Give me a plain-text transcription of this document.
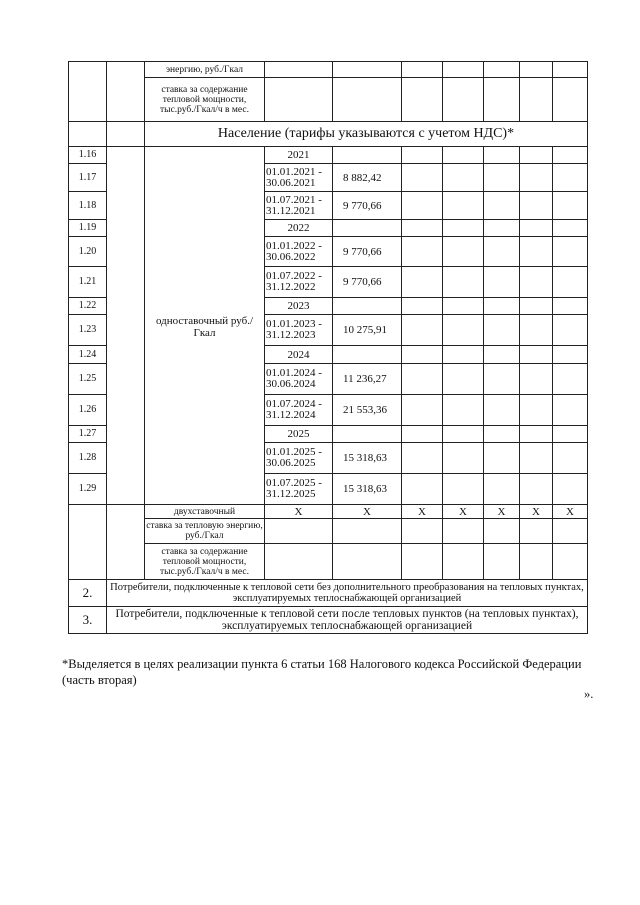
		энергию, руб./Гкал							
		ставка за содержание тепловой мощности, тыс.руб./Гкал/ч в мес.							
		Население (тарифы указываются с учетом НДС)*							
1.16		одноставочный руб./Гкал	2021						
1.17			01.01.2021 - 30.06.2021	8 882,42					
1.18			01.07.2021 - 31.12.2021	9 770,66					
1.19			2022						
1.20			01.01.2022 - 30.06.2022	9 770,66					
1.21			01.07.2022 - 31.12.2022	9 770,66					
1.22			2023						
1.23			01.01.2023 - 31.12.2023	10 275,91					
1.24			2024						
1.25			01.01.2024 - 30.06.2024	11 236,27					
1.26			01.07.2024 - 31.12.2024	21 553,36					
1.27			2025						
1.28			01.01.2025 - 30.06.2025	15 318,63					
1.29			01.07.2025 - 31.12.2025	15 318,63					
		двухставочный	X	X	X	X	X	X	X
		ставка за тепловую энергию, руб./Гкал							
		ставка за содержание тепловой мощности, тыс.руб./Гкал/ч в мес.							
2.	Потребители, подключенные к тепловой сети без дополнительного преобразования на тепловых пунктах, эксплуатируемых теплоснабжающей организацией								
3.	Потребители, подключенные к тепловой сети после тепловых пунктов (на тепловых пунктах), эксплуатируемых теплоснабжающей организацией								
*Выделяется в целях реализации пункта 6 статьи 168 Налогового кодекса Российской Федерации (часть вторая)
».
